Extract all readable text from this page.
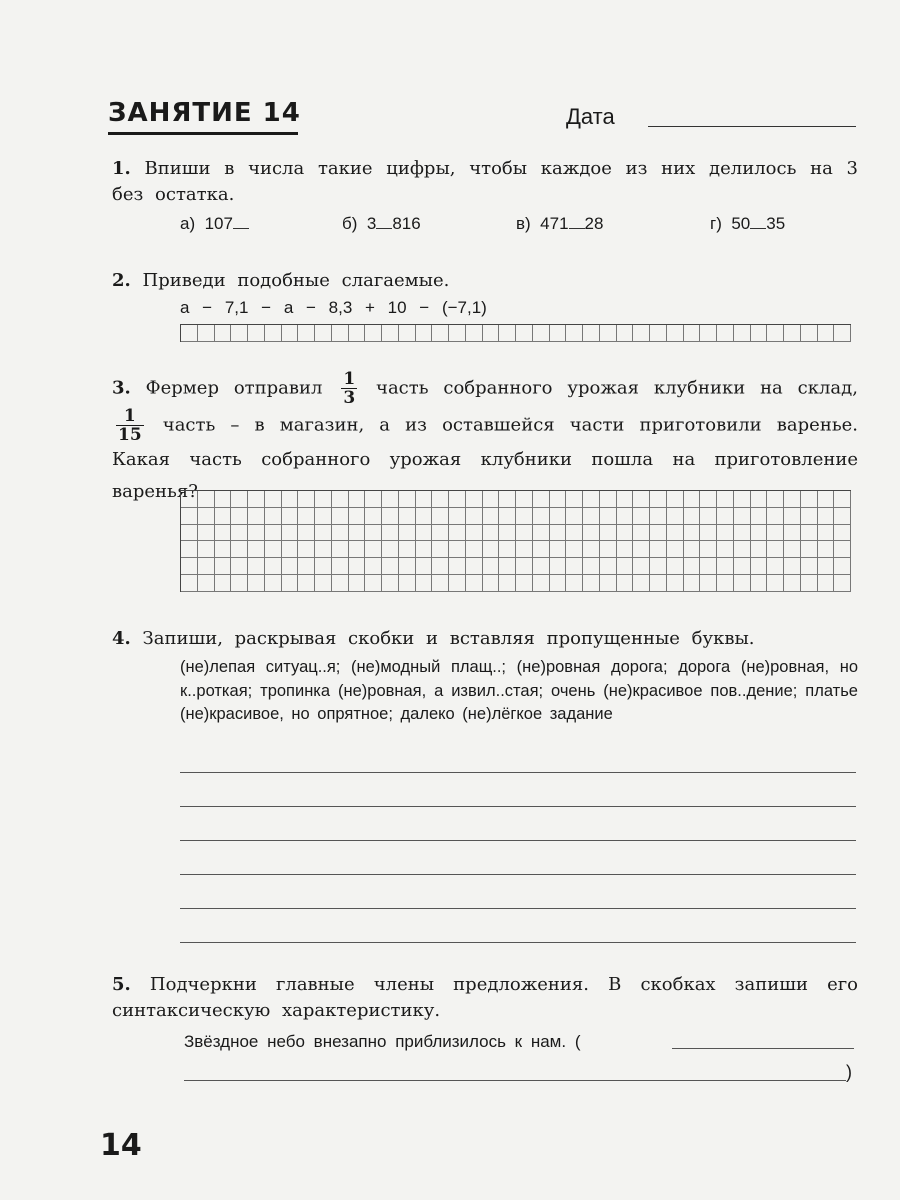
ЗАНЯТИЕ 14	Дата
1. Впиши в числа такие цифры, чтобы каждое из них делилось на 3 без остатка.
а) 107	б) 3 816	в) 471 28	г) 50 35
2. Приведи подобные слагаемые.
a − 7,1 − a − 8,3 + 10 − (−7,1)
3. Фермер отправил $\frac{1}{3}$ часть собранного урожая клубники на склад,
$\frac{1}{15}$ часть – в магазин, а из оставшейся части приготовили варенье. Какая часть собранного урожая клубники пошла на приготовление варенья?
4. Запиши, раскрывая скобки и вставляя пропущенные буквы.
(не)лепая ситуац..я; (не)модный плащ..; (не)ровная дорога; дорога (не)ровная, но к..роткая; тропинка (не)ровная, а извил..стая; очень (не)красивое пов..дение; платье (не)красивое, но опрятное; далеко (не)лёгкое задание
5. Подчеркни главные члены предложения. В скобках запиши его синтаксическую характеристику.
Звёздное небо внезапно приблизилось к нам. (
)
14
